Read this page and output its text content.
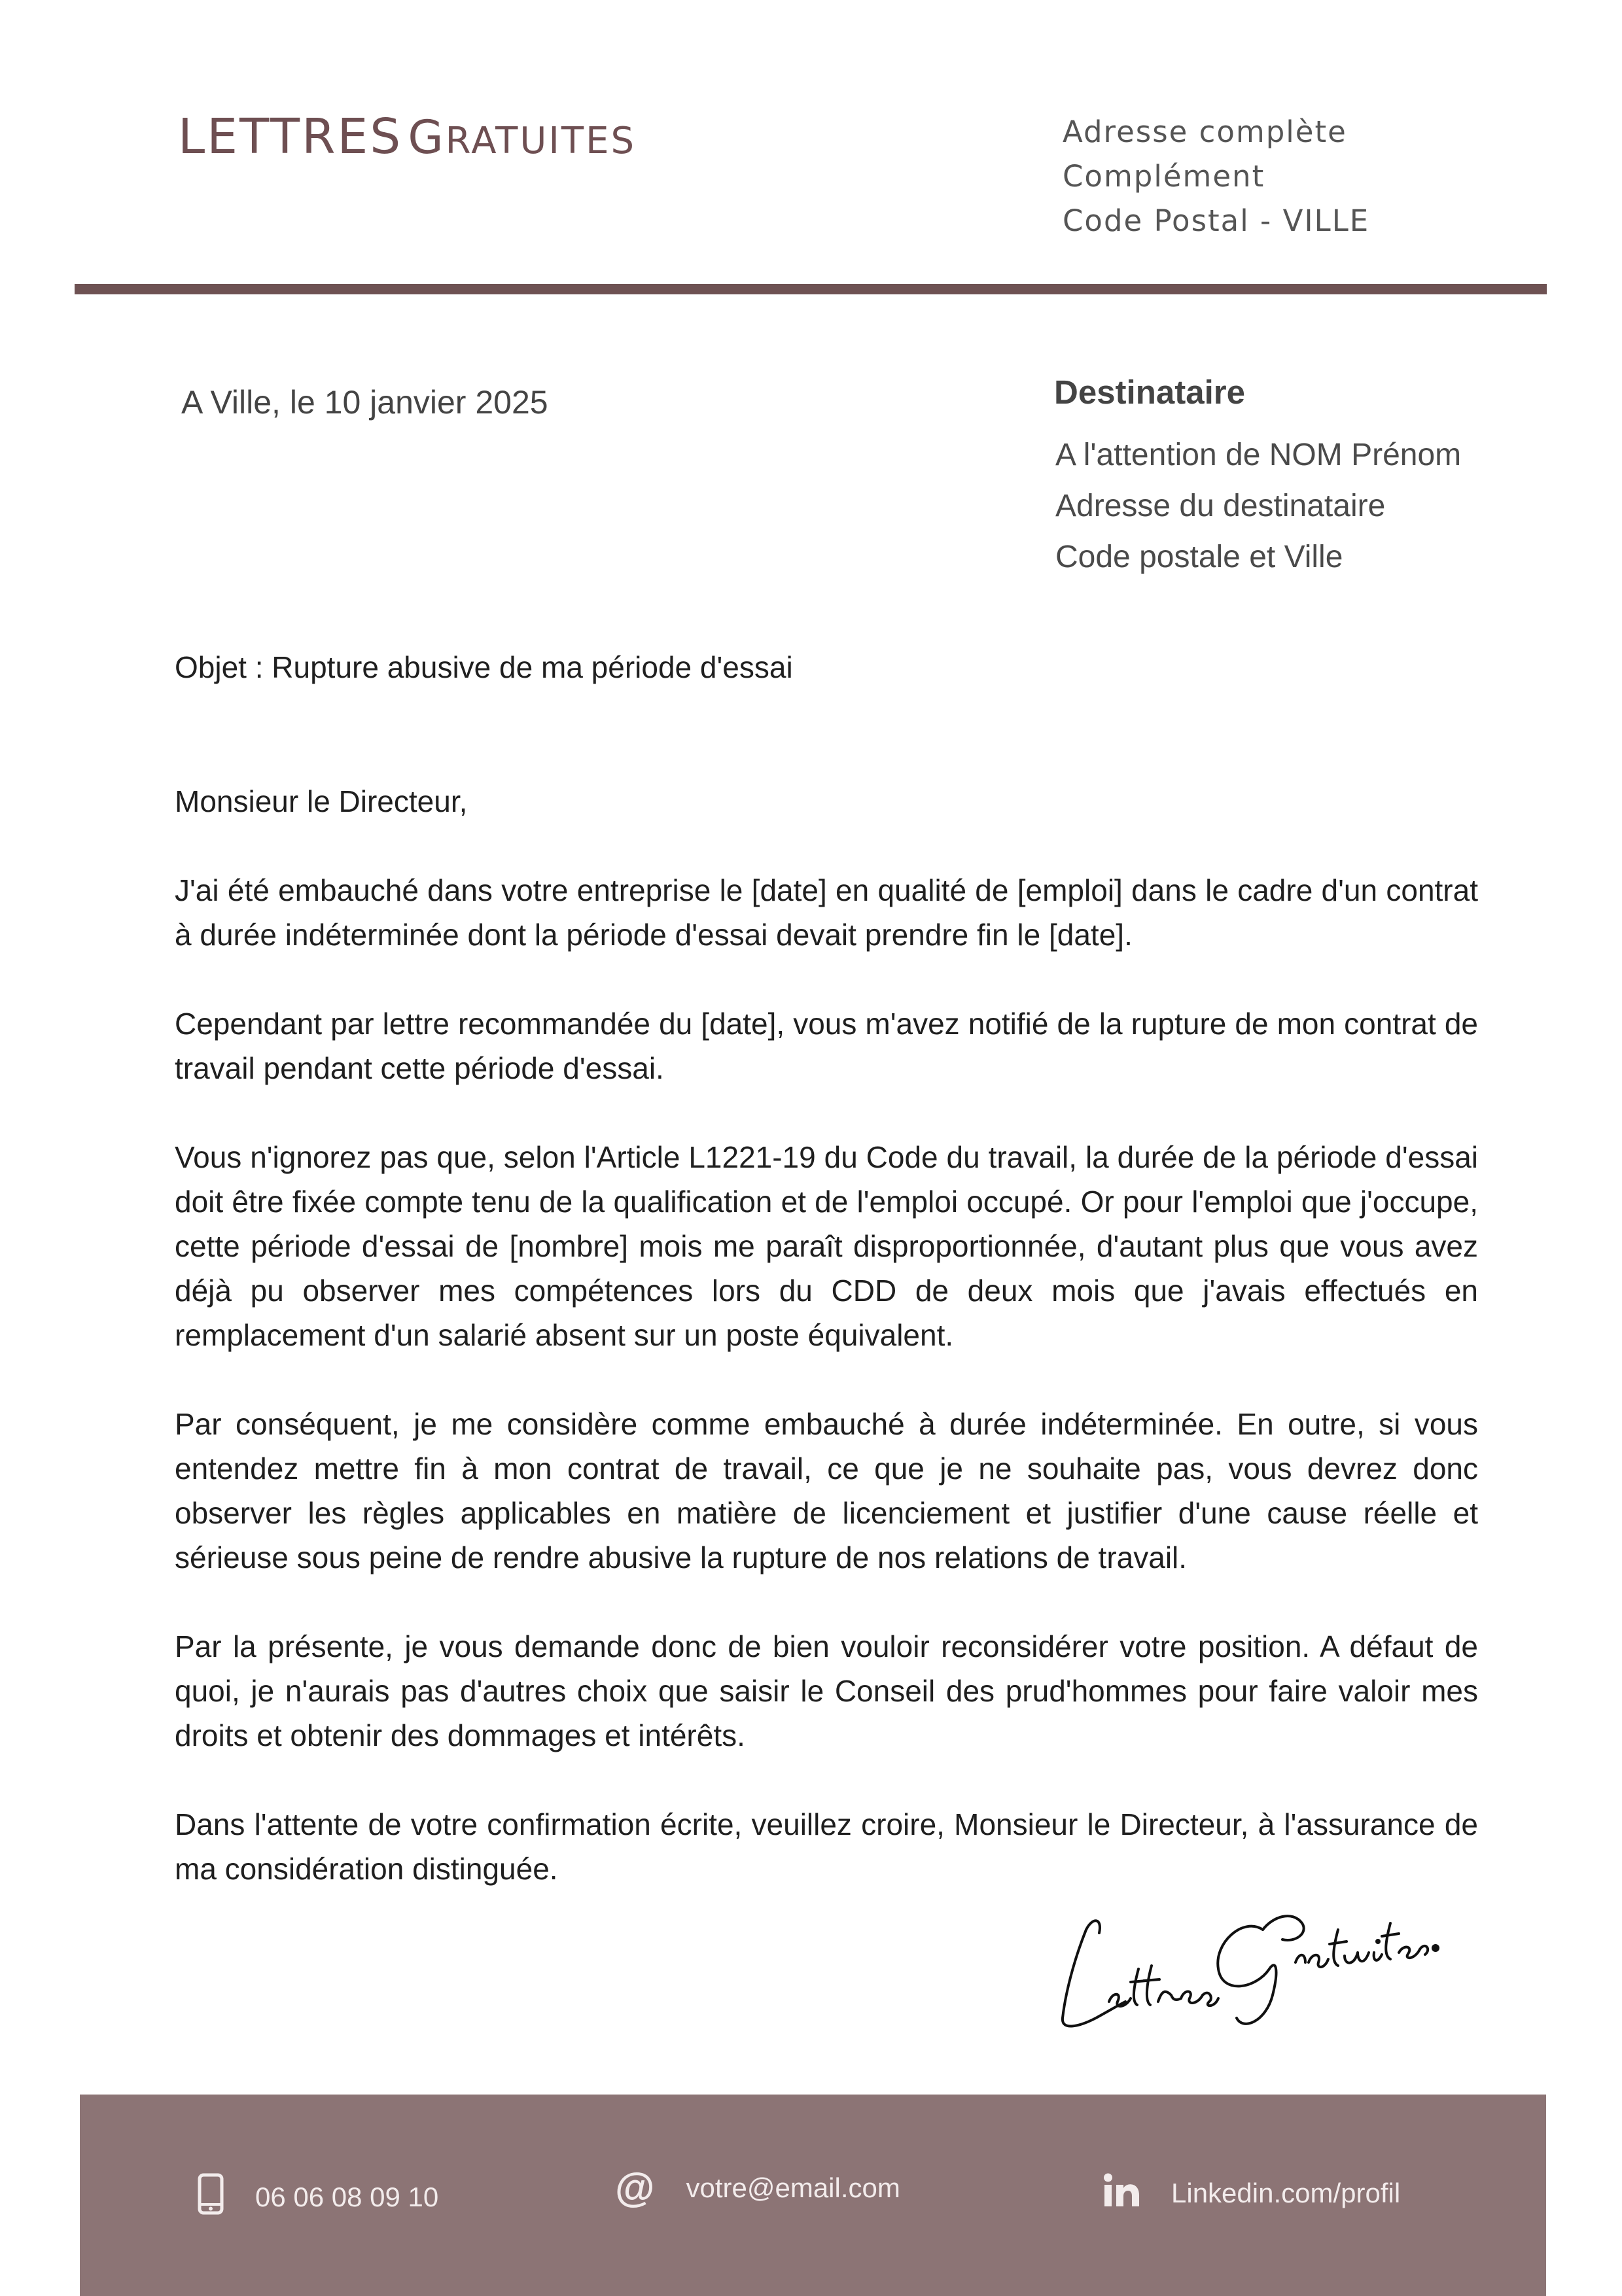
LETTRES GRATUITES	Adresse complète
Complément
Code Postal - VILLE
A Ville, le 10 janvier 2025	Destinataire
A l'attention de NOM Prénom
Adresse du destinataire
Code postale et Ville
Objet : Rupture abusive de ma période d'essai
Monsieur le Directeur,

J'ai été embauché dans votre entreprise le [date] en qualité de [emploi] dans le cadre d'un contrat à durée indéterminée dont la période d'essai devait prendre fin le [date].

Cependant par lettre recommandée du [date], vous m'avez notifié de la rupture de mon contrat de travail pendant cette période d'essai.

Vous n'ignorez pas que, selon l'Article L1221-19 du Code du travail, la durée de la période d'essai doit être fixée compte tenu de la qualification et de l'emploi occupé. Or pour l'emploi que j'occupe, cette période d'essai de [nombre] mois me paraît disproportionnée, d'autant plus que vous avez déjà pu observer mes compétences lors du CDD de deux mois que j'avais effectués en remplacement d'un salarié absent sur un poste équivalent.

Par conséquent, je me considère comme embauché à durée indéterminée. En outre, si vous entendez mettre fin à mon contrat de travail, ce que je ne souhaite pas, vous devrez donc observer les règles applicables en matière de licenciement et justifier d'une cause réelle et sérieuse sous peine de rendre abusive la rupture de nos relations de travail.

Par la présente, je vous demande donc de bien vouloir reconsidérer votre position. A défaut de quoi, je n'aurais pas d'autres choix que saisir le Conseil des prud'hommes pour faire valoir mes droits et obtenir des dommages et intérêts.

Dans l'attente de votre confirmation écrite, veuillez croire, Monsieur le Directeur, à l'assurance de ma considération distinguée.

06 06 08 09 10	@ votre@email.com	Linkedin.com/profil
